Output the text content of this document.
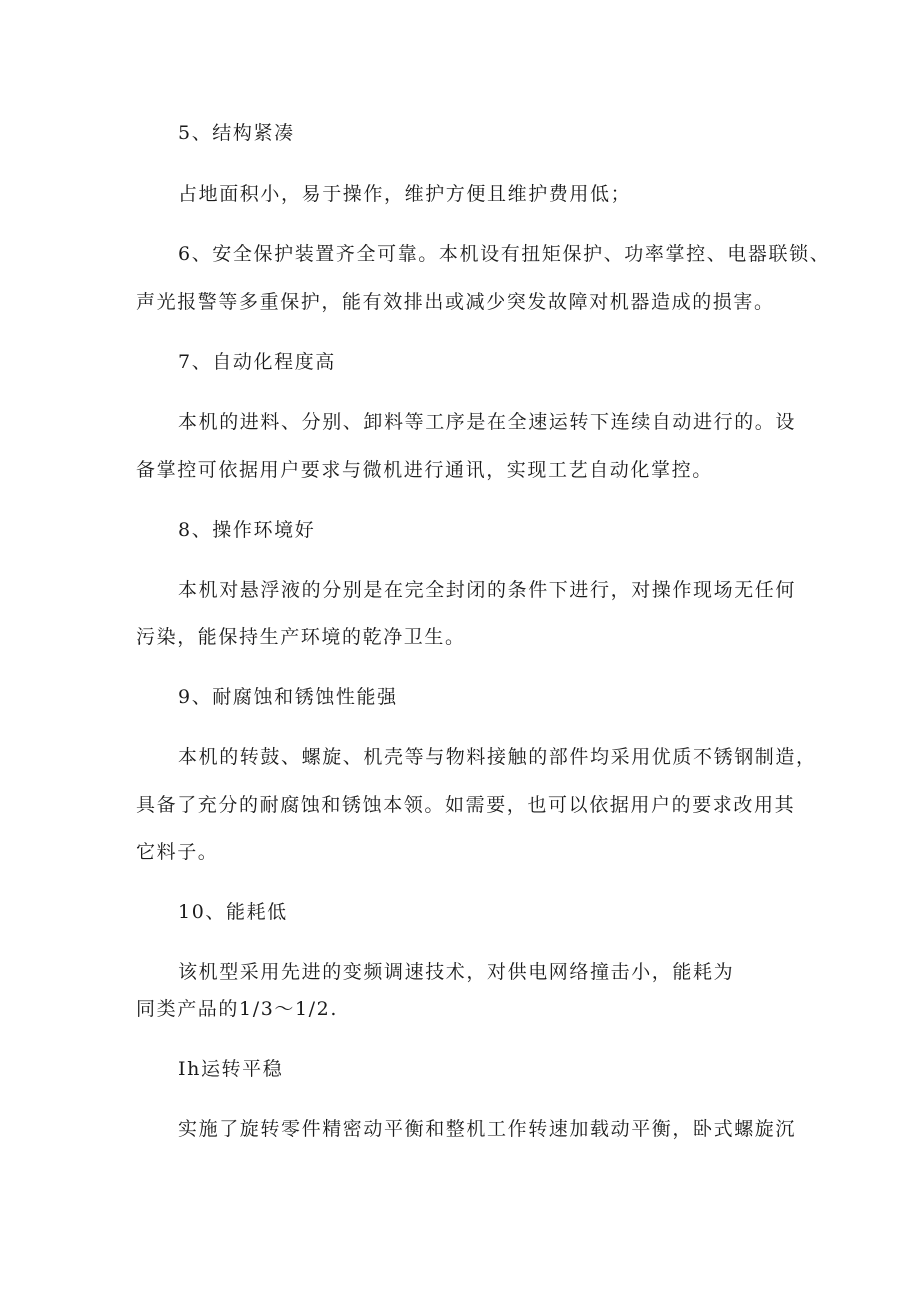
5、结构紧凑
占地面积小，易于操作，维护方便且维护费用低；
6、安全保护装置齐全可靠。本机设有扭矩保护、功率掌控、电器联锁、
声光报警等多重保护，能有效排出或减少突发故障对机器造成的损害。
7、自动化程度高
本机的进料、分别、卸料等工序是在全速运转下连续自动进行的。设
备掌控可依据用户要求与微机进行通讯，实现工艺自动化掌控。
8、操作环境好
本机对悬浮液的分别是在完全封闭的条件下进行，对操作现场无任何
污染，能保持生产环境的乾净卫生。
9、耐腐蚀和锈蚀性能强
本机的转鼓、螺旋、机壳等与物料接触的部件均采用优质不锈钢制造，
具备了充分的耐腐蚀和锈蚀本领。如需要，也可以依据用户的要求改用其
它料子。
10、能耗低
该机型采用先进的变频调速技术，对供电网络撞击小，能耗为
同类产品的1/3～1/2.
Ih运转平稳
实施了旋转零件精密动平衡和整机工作转速加载动平衡，卧式螺旋沉
